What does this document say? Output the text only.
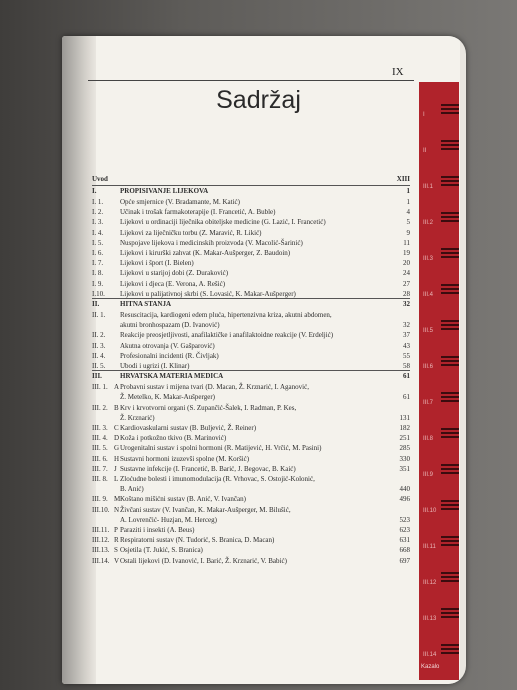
Kazalo
I
II
III.1
III.2
III.3
III.4
III.5
III.6
III.7
III.8
III.9
III.10
III.11
III.12
III.13
III.14
IX
Sadržaj
Uvod	XIII
I.	PROPISIVANJE LIJEKOVA	1
I. 1. Opće smjernice (V. Bradamante, M. Katić)	1
I. 2. Učinak i trošak farmakoterapije (I. Francetić, A. Buble)	4
I. 3. Lijekovi u ordinaciji liječnika obiteljske medicine (G. Lazić, I. Francetić)	5
I. 4. Lijekovi za liječničku torbu (Z. Maravić, R. Likić)	9
I. 5. Nuspojave lijekova i medicinskih proizvoda (V. Macolić-Šarinić)	11
I. 6. Lijekovi i kirurški zahvat (K. Makar-Aušperger, Z. Baudoin)	19
I. 7. Lijekovi i šport (I. Bielen)	20
I. 8. Lijekovi u starijoj dobi (Z. Duraković)	24
I. 9. Lijekovi i djeca (E. Verona, A. Rešić)	27
I.10. Lijekovi u palijativnoj skrbi (S. Lovasić, K. Makar-Aušperger)	28
II.	HITNA STANJA	32
II. 1. Resuscitacija, kardiogeni edem pluća, hipertenzivna kriza, akutni abdomen,
akutni bronhospazam (D. Ivanović)	32
II. 2. Reakcije preosjetljivosti, anafilaktičke i anafilaktoidne reakcije (V. Erdeljić)	37
II. 3. Akutna otrovanja (V. Gašparović)	43
II. 4. Profesionalni incidenti (R. Čivljak)	55
II. 5. Ubodi i ugrizi (I. Klinar)	58
III.	HRVATSKA MATERIA MEDICA	61
III. 1. A Probavni sustav i mijena tvari (D. Macan, Ž. Krznarić, I. Aganović,
Ž. Metelko, K. Makar-Aušperger)	61
III. 2. B Krv i krvotvorni organi (S. Zupančić-Šalek, I. Radman, P. Kes,
Ž. Krznarić)	131
III. 3. C Kardiovaskularni sustav (B. Buljević, Ž. Reiner)	182
III. 4. D Koža i potkožno tkivo (B. Marinović)	251
III. 5. G Urogenitalni sustav i spolni hormoni (R. Matijević, H. Vrčić, M. Pasini)	285
III. 6. H Sustavni hormoni izuzevši spolne (M. Koršić)	330
III. 7. J Sustavne infekcije (I. Francetić, B. Barić, J. Begovac, B. Kaić)	351
III. 8. L Zloćudne bolesti i imunomodulacija (R. Vrhovac, S. Ostojić-Kolonić,
B. Anić)	440
III. 9. M Koštano mišićni sustav (B. Anić, V. Ivančan)	496
III.10. N Živčani sustav (V. Ivančan, K. Makar-Aušperger, M. Bilušić,
A. Lovrenčić- Huzjan, M. Herceg)	523
III.11. P Paraziti i insekti (A. Beus)	623
III.12. R Respiratorni sustav (N. Tudorić, S. Branica, D. Macan)	631
III.13. S Osjetila (T. Jukić, S. Branica)	668
III.14. V Ostali lijekovi (D. Ivanović, I. Barić, Ž. Krznarić, V. Babić)	697
